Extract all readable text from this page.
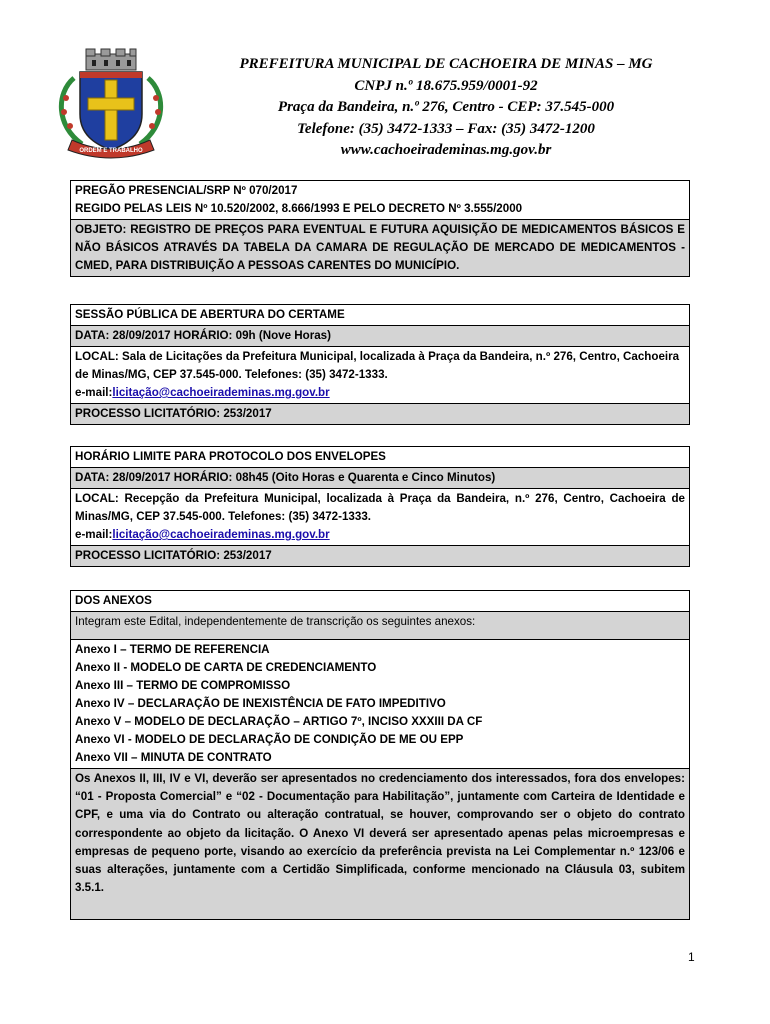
ORDEM E TRABALHO
PREFEITURA MUNICIPAL DE CACHOEIRA DE MINAS – MG
CNPJ n.º 18.675.959/0001-92
Praça da Bandeira, n.º 276, Centro - CEP: 37.545-000
Telefone: (35) 3472-1333 – Fax: (35) 3472-1200
www.cachoeirademinas.mg.gov.br
PREGÃO PRESENCIAL/SRP Nº 070/2017
REGIDO PELAS LEIS Nº 10.520/2002, 8.666/1993 E PELO DECRETO Nº 3.555/2000
OBJETO: REGISTRO DE PREÇOS PARA EVENTUAL E FUTURA AQUISIÇÃO DE MEDICAMENTOS BÁSICOS E NÃO BÁSICOS ATRAVÉS DA TABELA DA CAMARA DE REGULAÇÃO DE MERCADO DE MEDICAMENTOS - CMED, PARA DISTRIBUIÇÃO A PESSOAS CARENTES DO MUNICÍPIO.
SESSÃO PÚBLICA DE ABERTURA DO CERTAME
DATA: 28/09/2017 HORÁRIO: 09h (Nove Horas)
LOCAL: Sala de Licitações da Prefeitura Municipal, localizada à Praça da Bandeira, n.º 276, Centro, Cachoeira de Minas/MG, CEP 37.545-000. Telefones: (35) 3472-1333.
e-mail:licitação@cachoeirademinas.mg.gov.br
PROCESSO LICITATÓRIO: 253/2017
HORÁRIO LIMITE PARA PROTOCOLO DOS ENVELOPES
DATA: 28/09/2017 HORÁRIO: 08h45 (Oito Horas e Quarenta e Cinco Minutos)
LOCAL: Recepção da Prefeitura Municipal, localizada à Praça da Bandeira, n.º 276, Centro, Cachoeira de Minas/MG, CEP 37.545-000. Telefones: (35) 3472-1333.
e-mail:licitação@cachoeirademinas.mg.gov.br
PROCESSO LICITATÓRIO: 253/2017
DOS ANEXOS
Integram este Edital, independentemente de transcrição os seguintes anexos:
Anexo I – TERMO DE REFERENCIA
Anexo II - MODELO DE CARTA DE CREDENCIAMENTO
Anexo III – TERMO DE COMPROMISSO
Anexo IV – DECLARAÇÃO DE INEXISTÊNCIA DE FATO IMPEDITIVO
Anexo V – MODELO DE DECLARAÇÃO – ARTIGO 7º, INCISO XXXIII DA CF
Anexo VI - MODELO DE DECLARAÇÃO DE CONDIÇÃO DE ME OU EPP
Anexo VII – MINUTA DE CONTRATO
Os Anexos II, III, IV e VI, deverão ser apresentados no credenciamento dos interessados, fora dos envelopes: “01 - Proposta Comercial” e “02 - Documentação para Habilitação”, juntamente com Carteira de Identidade e CPF, e uma via do Contrato ou alteração contratual, se houver, comprovando ser o objeto do contrato correspondente ao objeto da licitação. O Anexo VI deverá ser apresentado apenas pelas microempresas e empresas de pequeno porte, visando ao exercício da preferência prevista na Lei Complementar n.º 123/06 e suas alterações, juntamente com a Certidão Simplificada, conforme mencionado na Cláusula 03, subitem 3.5.1.
1
